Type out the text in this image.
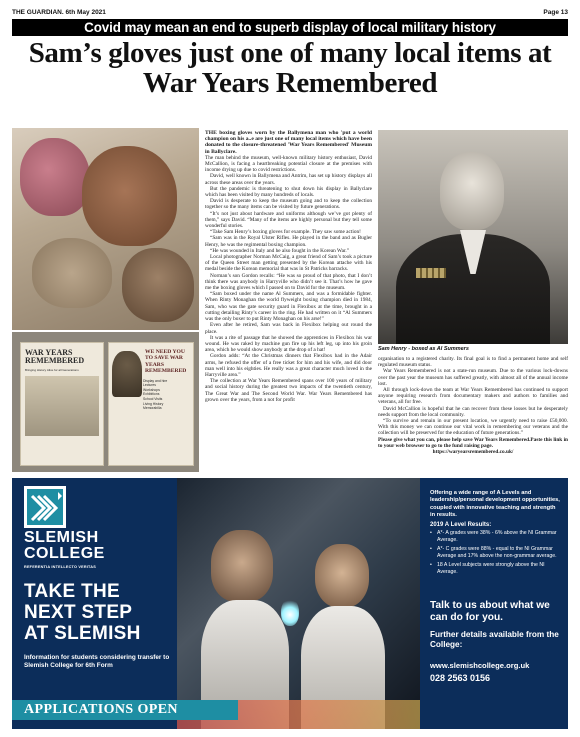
THE GUARDIAN. 6th May 2021	Page 13
Covid may mean an end to superb display of local military history
Sam’s gloves just one of many local items at War Years Remembered
WAR YEARS REMEMBERED
Bringing History Alive for all Generations
WE NEED YOU TO SAVE WAR YEARS REMEMBERED
Display and hire
Lectures
Workshops
Exhibitions
School Visits
Living History
Memorabilia

THE boxing gloves worn by the Ballymena man who 'put a world champion on his a..e are just one of many local items which have been donated to the closure-threatened 'War Years Remembered' Museum in Ballyclare.

The man behind the museum, well-known military history enthusiast, David McCallion, is facing a heartbreaking potential closure at the premises with income drying up due to covid restrictions.

David, well known in Ballymena and Antrim, has set up history displays all across these areas over the years.

But the pandemic is threatening to shut down his display in Ballyclare which has been visited by many hundreds of locals.

David is desperate to keep the museum going and to keep the collection together so the many items can be visited by future generations.

“It’s not just about hardware and uniforms although we’ve got plenty of them,” says David. “Many of the items are highly personal but they tell some wonderful stories.

“Take Sam Henry’s boxing gloves for example. They saw some action!

“Sam was in the Royal Ulster Rifles. He played in the band and as Bugler Henry, he was the regimental boxing champion.

“He was wounded in Italy and he also fought in the Korean War.”

Local photographer Norman McCaig, a great friend of Sam’s took a picture of the Queen Street man getting presented by the Korean attache with his medal beside the Korean memorial that was in St Patricks barracks.

Norman’s son Gordon recalls: “He was so proud of that photo, that I don’t think there was anybody in Harryville who didn’t see it. That’s how he gave me the boxing gloves which I passed on to David for the museum.

“Sam boxed under the name Al Summers, and was a formidable fighter. When Rinty Monaghan the world flyweight boxing champion died in 1984, Sam, who was the gate security guard in Flexibox at the time, brought in a cutting detailing Rinty’s career in the ring. He had written on it “Al Summers was the only boxer to put Rinty Monaghan on his arse!”

Even after he retired, Sam was back in Flexibox helping out round the place.

It was a rite of passage that he showed the apprentices in Flexibox his war wound. He was raked by machine gun fire up his left leg, up into his groin area, which he would show anybody at the drop of a hat!

Gordon adds: “At the Christmas dinners that Flexibox had in the Adair arms, he refused the offer of a free ticket for him and his wife, and did door man well into his eighties. He really was a great character much loved in the Harryville area.”

The collection at War Years Remembered spans over 100 years of military and social history during the greatest two impacts of the twentieth century, The Great War and The Second World War. War Years Remembered has grown over the years, from a not for profit

Sam Henry - boxed as Al Summers

organisation to a registered charity. Its final goal is to find a permanent home and self regulated museum status.

War Years Remembered is not a state-run museum. Due to the various lock-downs over the past year the museum has suffered greatly, with almost all of the annual income lost.

All through lock-down the team at War Years Remembered has continued to support anyone requiring research from documentary makers and authors to families and veterans, all for free.

David McCallion is hopeful that he can recover from these losses but he desperately needs support from the local community.

“To survive and remain in our present location, we urgently need to raise £50,000. With this money we can continue our vital work in remembering our veterans and the collection will be preserved for the education of future generations.”

Please give what you can, please help save War Years Remembered.Paste this link in to your web browser to go to the fund raising page.

https://waryearsremembered.co.uk/

SLEMISH COLLEGE
REFERENTIA INTELLECTO VERITAS
TAKE THE
NEXT STEP
AT SLEMISH
Information for students considering transfer to Slemish College for 6th Form
APPLICATIONS OPEN
Offering a wide range of A Levels and leadership/personal development opportunities, coupled with innovative teaching and strength in results.
2019 A Level Results:
• A*- A grades were 38% - 6% above the NI Grammar Average.
• A*- C grades were 88% - equal to the NI Grammar Average and 17% above the non-grammar average.
• 18 A Level subjects were strongly above the NI Average.
Talk to us about what we can do for you.
Further details available from the College:
www.slemishcollege.org.uk
028 2563 0156
